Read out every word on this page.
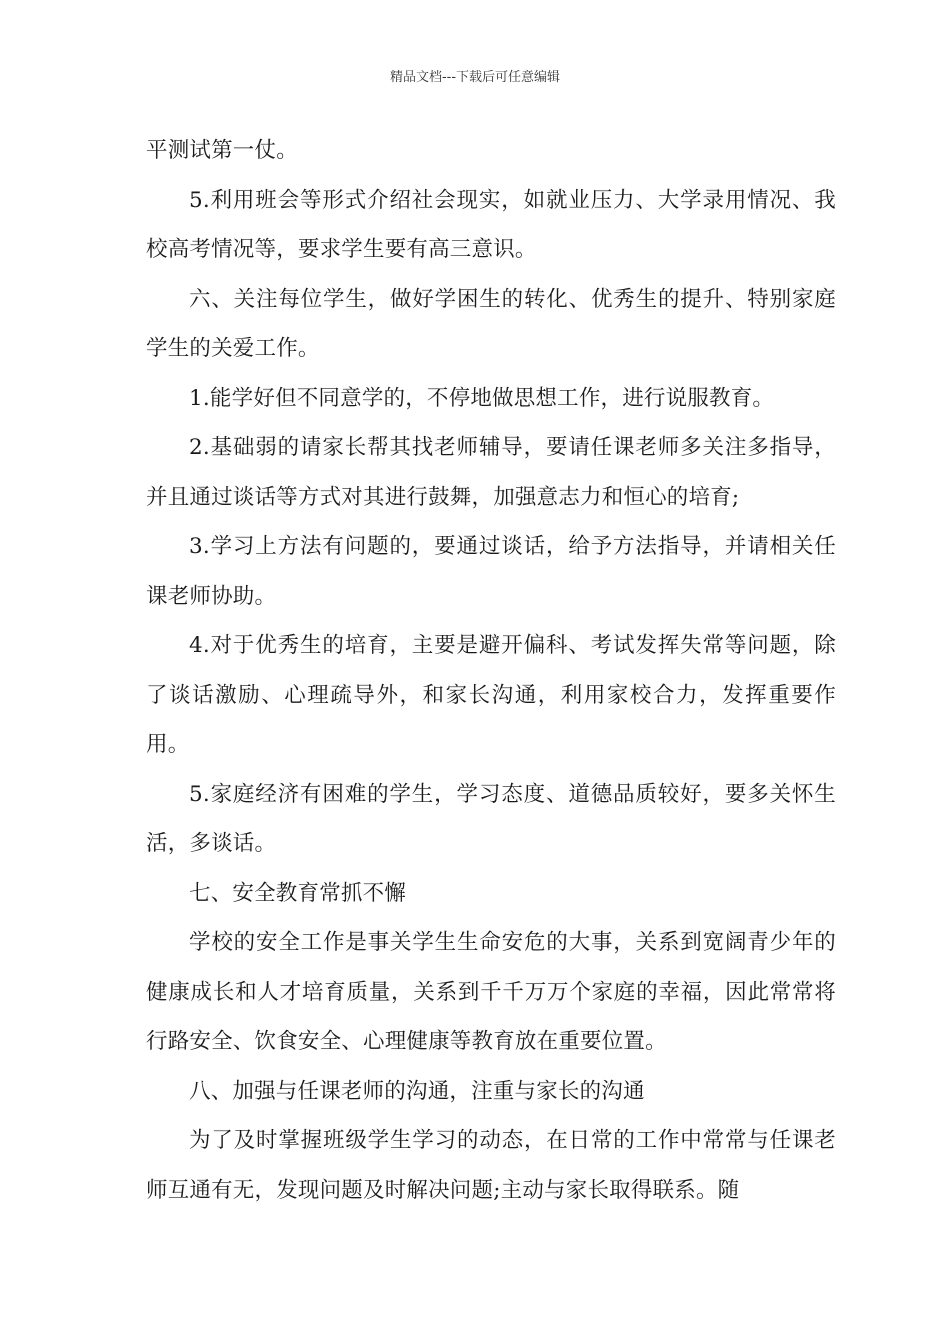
精品文档---下载后可任意编辑

平测试第一仗。

5.利用班会等形式介绍社会现实，如就业压力、大学录用情况、我校高考情况等，要求学生要有高三意识。

六、关注每位学生，做好学困生的转化、优秀生的提升、特别家庭学生的关爱工作。

1.能学好但不同意学的，不停地做思想工作，进行说服教育。

2.基础弱的请家长帮其找老师辅导，要请任课老师多关注多指导，并且通过谈话等方式对其进行鼓舞，加强意志力和恒心的培育;

3.学习上方法有问题的，要通过谈话，给予方法指导，并请相关任课老师协助。

4.对于优秀生的培育，主要是避开偏科、考试发挥失常等问题，除了谈话激励、心理疏导外，和家长沟通，利用家校合力，发挥重要作用。

5.家庭经济有困难的学生，学习态度、道德品质较好，要多关怀生活，多谈话。

七、安全教育常抓不懈

学校的安全工作是事关学生生命安危的大事，关系到宽阔青少年的健康成长和人才培育质量，关系到千千万万个家庭的幸福，因此常常将行路安全、饮食安全、心理健康等教育放在重要位置。

八、加强与任课老师的沟通，注重与家长的沟通

为了及时掌握班级学生学习的动态，在日常的工作中常常与任课老师互通有无，发现问题及时解决问题;主动与家长取得联系。随
